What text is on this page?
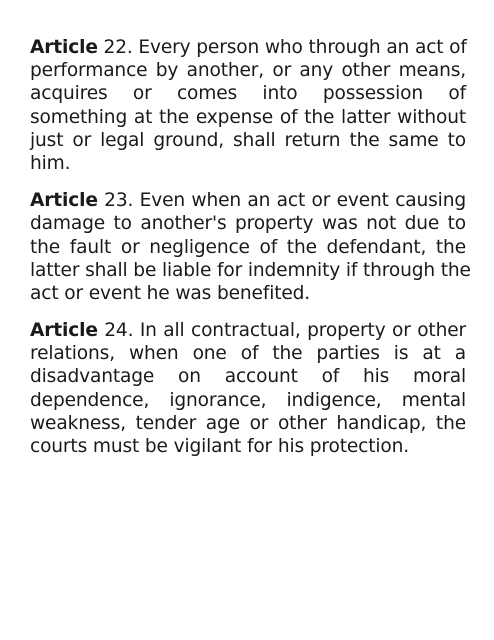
Article 22. Every person who through an act of
performance by another, or any other means,
acquires or comes into possession of
something at the expense of the latter without
just or legal ground, shall return the same to
him.
Article 23. Even when an act or event causing
damage to another's property was not due to
the fault or negligence of the defendant, the
latter shall be liable for indemnity if through the
act or event he was benefited.
Article 24. In all contractual, property or other
relations, when one of the parties is at a
disadvantage on account of his moral
dependence, ignorance, indigence, mental
weakness, tender age or other handicap, the
courts must be vigilant for his protection.
